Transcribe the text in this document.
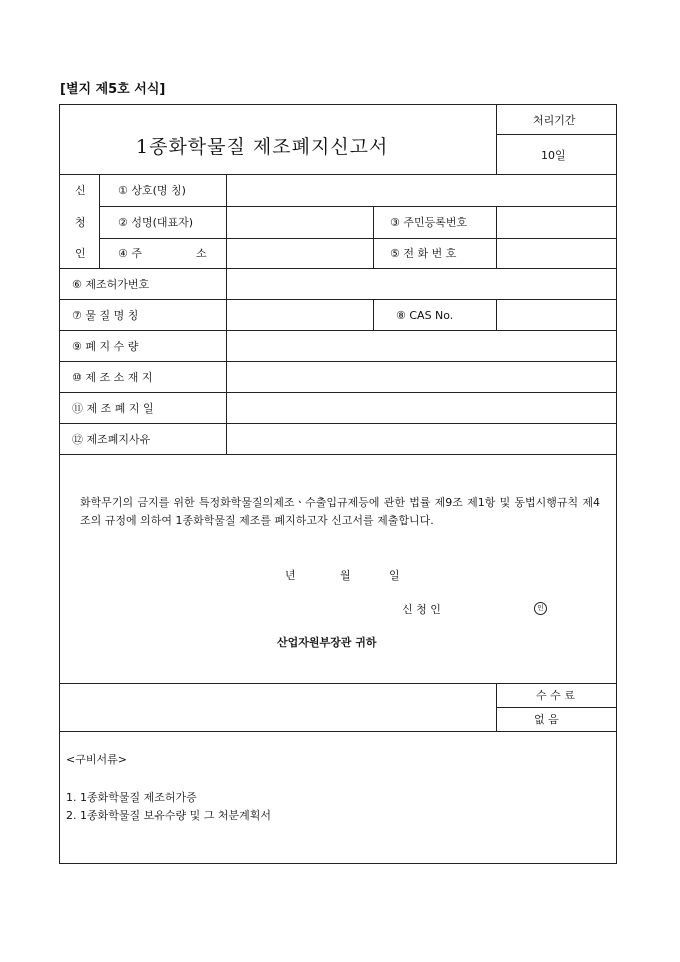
[별지 제5호 서식]
1종화학물질 제조폐지신고서
처리기간
10일
신
청
인
① 상호(명 칭)
② 성명(대표자)	③ 주민등록번호
④ 주	소	⑤ 전 화 번 호
⑥ 제조허가번호
⑦ 물 질 명 칭	⑧ CAS No.
⑨ 폐 지 수 량
⑩ 제 조 소 재 지
⑪ 제 조 폐 지 일
⑫ 제조폐지사유
화학무기의 금지를 위한 특정화학물질의제조ㆍ수출입규제등에 관한 법률 제9조 제1항 및 동법시행규칙 제4조의 규정에 의하여 1종화학물질 제조를 폐지하고자 신고서를 제출합니다.
년	월	일
신 청 인	인
산업자원부장관 귀하
수 수 료
없 음
<구비서류>
1. 1종화학물질 제조허가증
2. 1종화학물질 보유수량 및 그 처분계획서
